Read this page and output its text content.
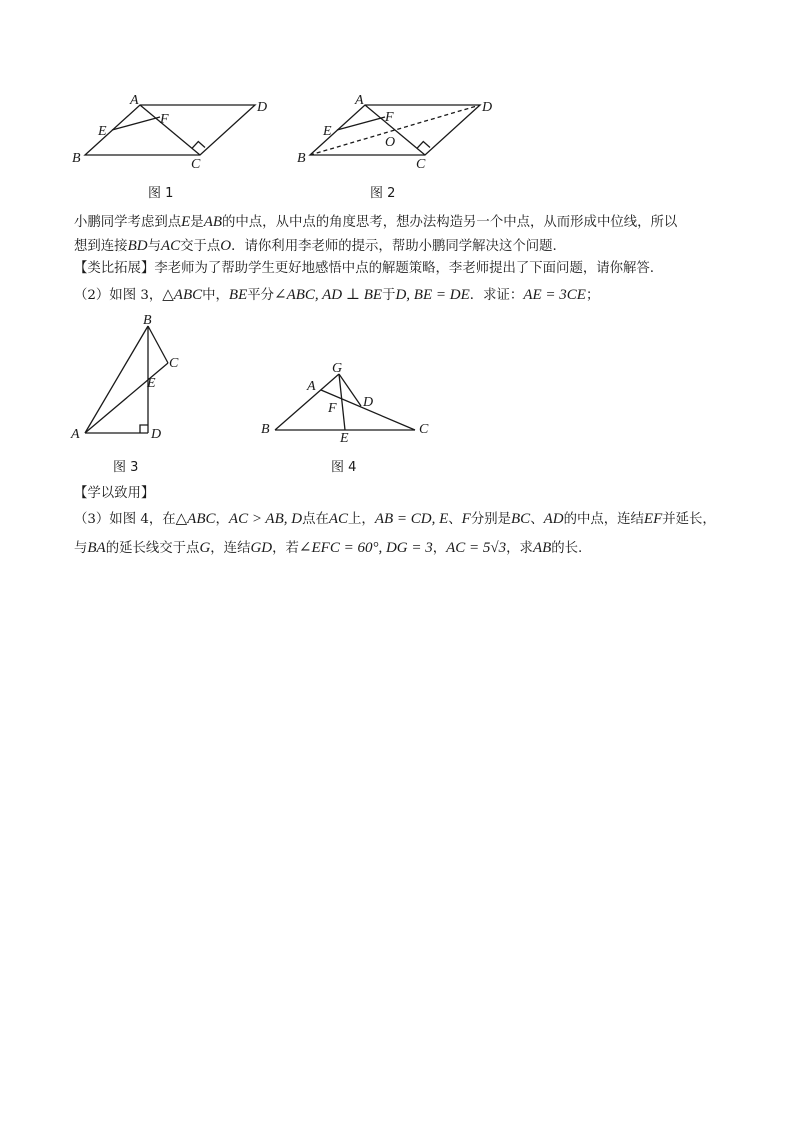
A	D
E
F
B	C
图 1
A	D
E
F
O
B	C
图 2
小鹏同学考虑到点E是AB的中点，从中点的角度思考，想办法构造另一个中点，从而形成中位线，所以
想到连接BD与AC交于点O．请你利用李老师的提示，帮助小鹏同学解决这个问题.
【类比拓展】李老师为了帮助学生更好地感悟中点的解题策略，李老师提出了下面问题，请你解答.
（2）如图 3，△ABC中，BE平分∠ABC, AD ⊥ BE于D, BE = DE．求证：AE = 3CE；
B
C
E
A	D
图 3
G
A
D
F
B
E
C
图 4
【学以致用】
（3）如图 4，在△ABC，AC > AB, D点在AC上，AB = CD, E、F分别是BC、AD的中点，连结EF并延长，
与BA的延长线交于点G，连结GD，若∠EFC = 60°, DG = 3，AC = 5√3，求AB的长.
